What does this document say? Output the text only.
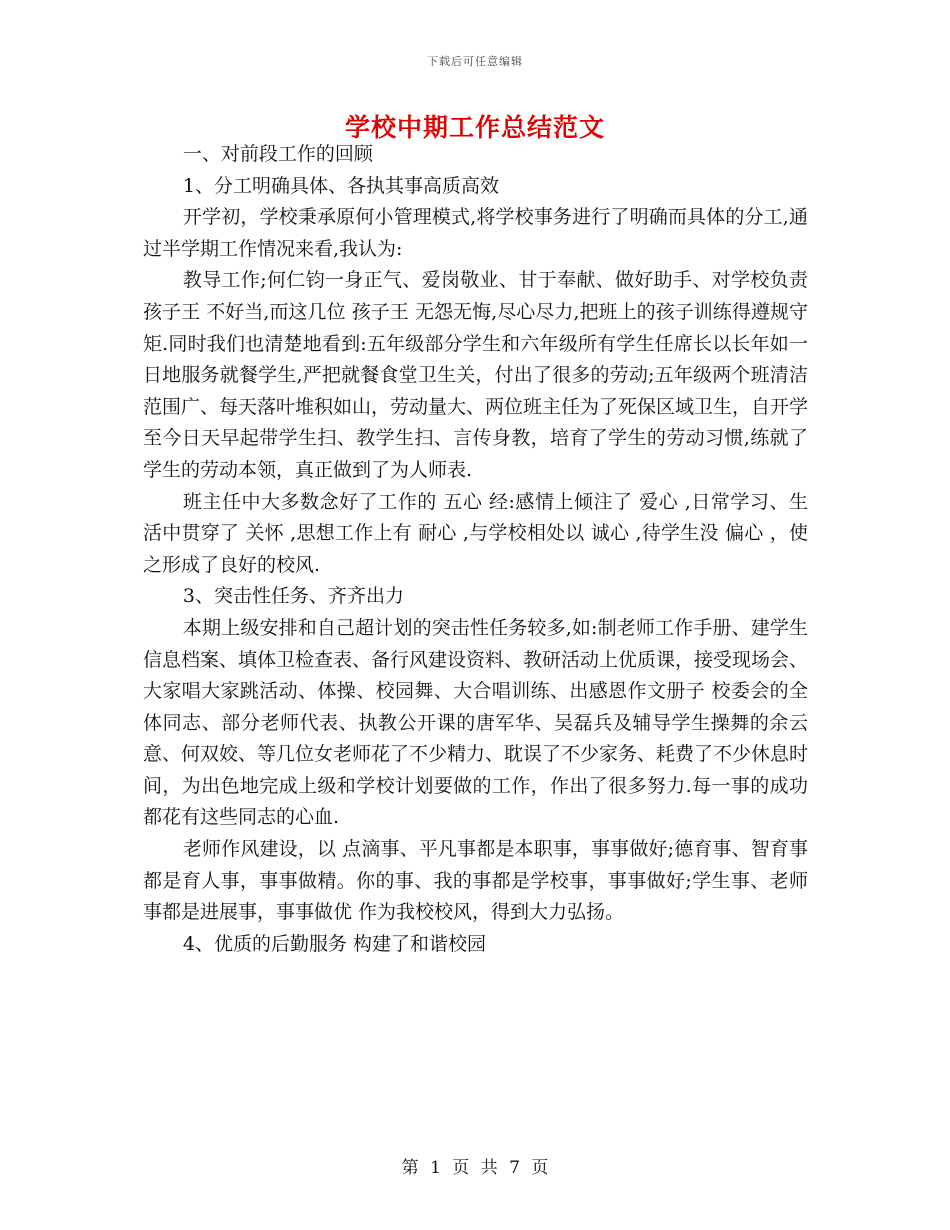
下载后可任意编辑
学校中期工作总结范文

一、对前段工作的回顾

1、分工明确具体、各执其事高质高效

开学初，学校秉承原何小管理模式,将学校事务进行了明确而具体的分工,通过半学期工作情况来看,我认为:

教导工作;何仁钧一身正气、爱岗敬业、甘于奉献、做好助手、对学校负责 孩子王 不好当,而这几位 孩子王 无怨无悔,尽心尽力,把班上的孩子训练得遵规守矩.同时我们也清楚地看到:五年级部分学生和六年级所有学生任席长以长年如一日地服务就餐学生,严把就餐食堂卫生关，付出了很多的劳动;五年级两个班清洁范围广、每天落叶堆积如山，劳动量大、两位班主任为了死保区域卫生，自开学至今日天早起带学生扫、教学生扫、言传身教，培育了学生的劳动习惯,练就了学生的劳动本领，真正做到了为人师表.

班主任中大多数念好了工作的 五心 经:感情上倾注了 爱心 ,日常学习、生活中贯穿了 关怀 ,思想工作上有 耐心 ,与学校相处以 诚心 ,待学生没 偏心 ，使之形成了良好的校风.

3、突击性任务、齐齐出力

本期上级安排和自己超计划的突击性任务较多,如:制老师工作手册、建学生信息档案、填体卫检查表、备行风建设资料、教研活动上优质课，接受现场会、大家唱大家跳活动、体操、校园舞、大合唱训练、出感恩作文册子 校委会的全体同志、部分老师代表、执教公开课的唐军华、吴磊兵及辅导学生操舞的余云意、何双姣、等几位女老师花了不少精力、耽误了不少家务、耗费了不少休息时间，为出色地完成上级和学校计划要做的工作，作出了很多努力.每一事的成功都花有这些同志的心血.

老师作风建设，以 点滴事、平凡事都是本职事，事事做好;德育事、智育事都是育人事，事事做精。你的事、我的事都是学校事，事事做好;学生事、老师事都是进展事，事事做优 作为我校校风，得到大力弘扬。

4、优质的后勤服务 构建了和谐校园

第 1 页 共 7 页
